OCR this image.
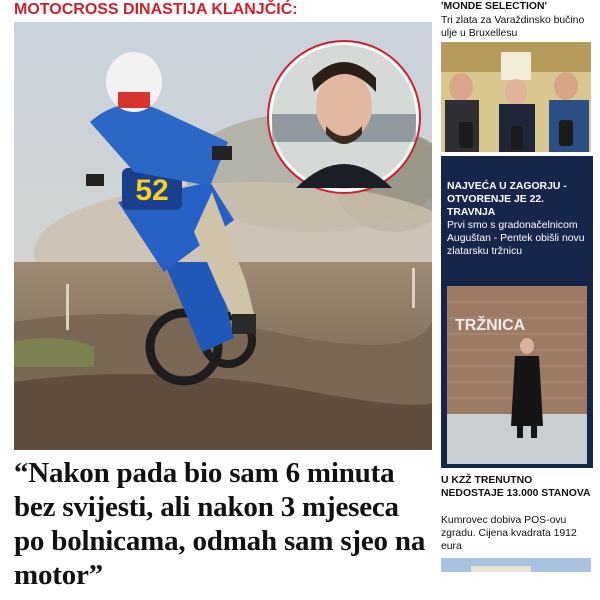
MOTOCROSS DINASTIJA KLANJČIĆ:
52
“Nakon pada bio sam 6 minuta bez svijesti, ali nakon 3 mjeseca po bolnicama, odmah sam sjeo na motor”
'MONDE SELECTION'
Tri zlata za Varaždinsko bučino ulje u Bruxellesu
NAJVEĆA U ZAGORJU - OTVORENJE JE 22. TRAVNJA
Prvi smo s gradonačelnicom Auguštan - Pentek obišli novu zlatarsku tržnicu
TRŽNICA
U KZŽ TRENUTNO NEDOSTAJE 13.000 STANOVA
Kumrovec dobiva POS-ovu zgradu. Cijena kvadrata 1912 eura
